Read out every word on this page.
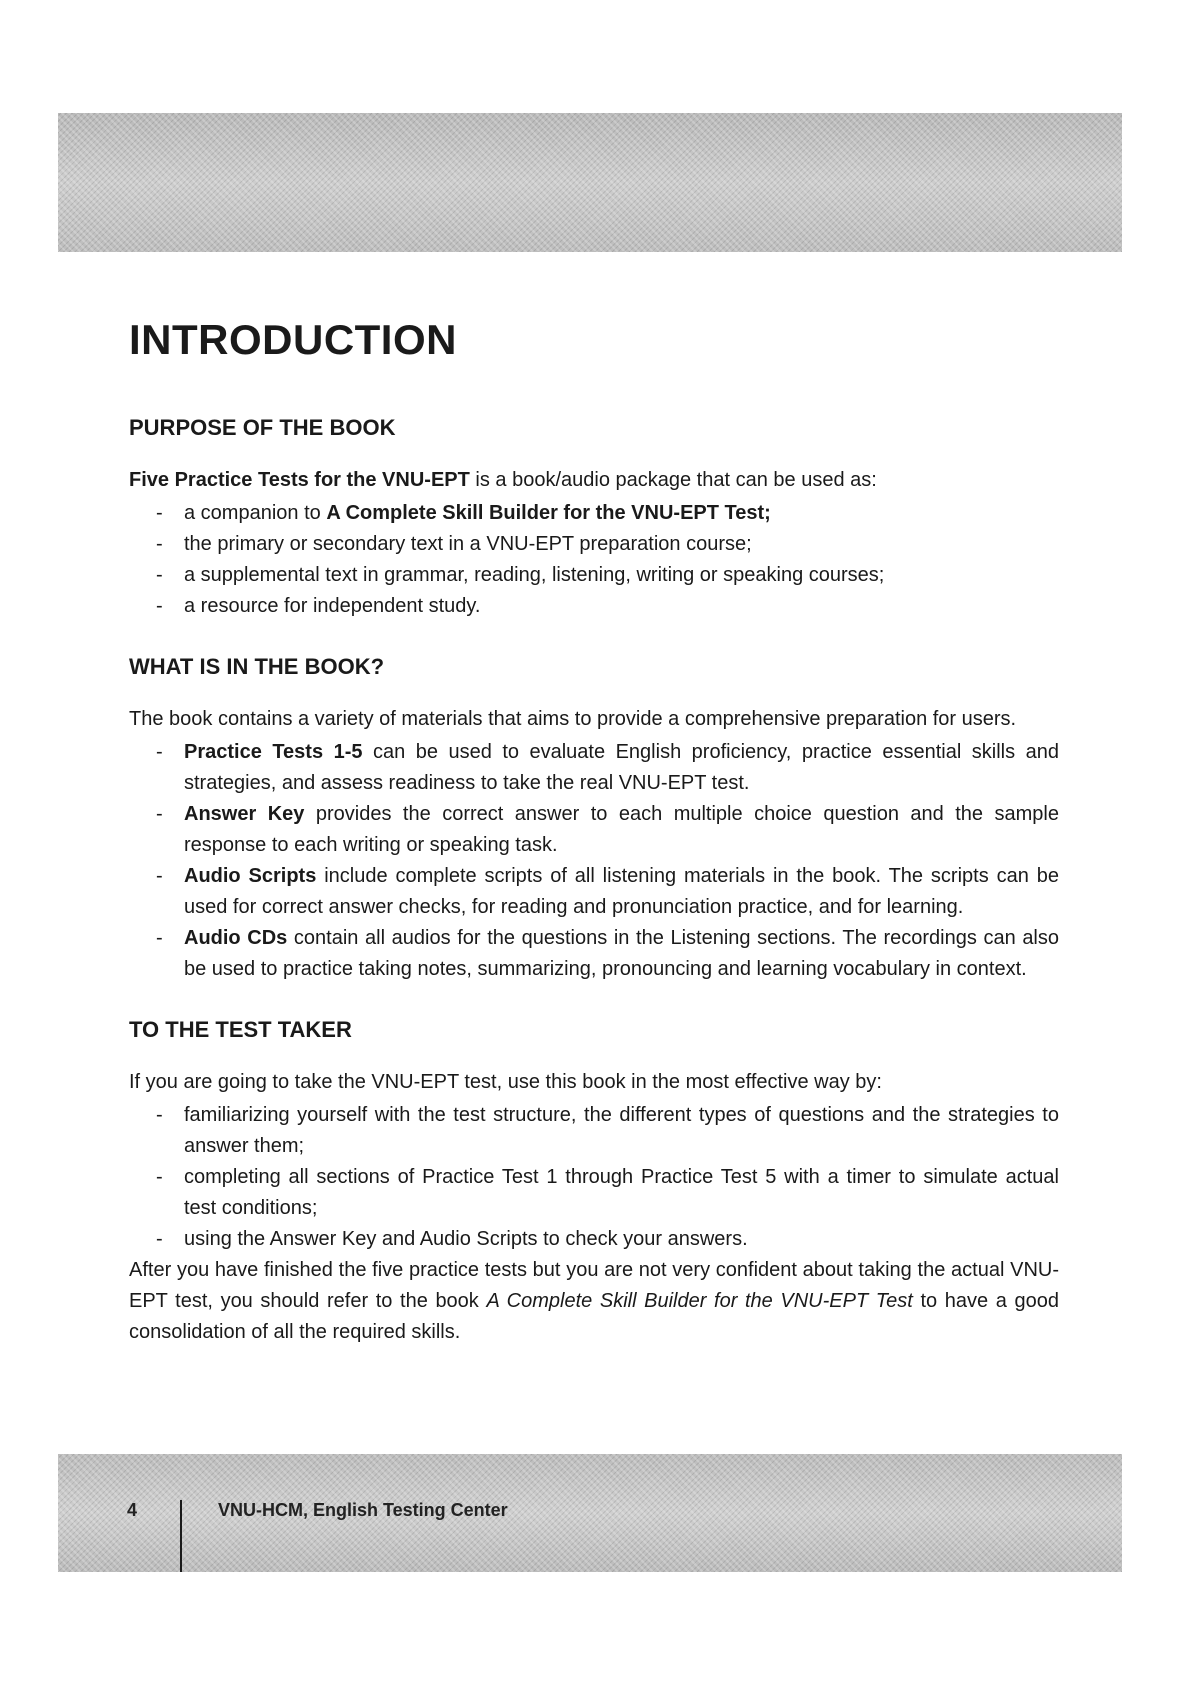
INTRODUCTION
PURPOSE OF THE BOOK

Five Practice Tests for the VNU-EPT is a book/audio package that can be used as:

- a companion to A Complete Skill Builder for the VNU-EPT Test;
- the primary or secondary text in a VNU-EPT preparation course;
- a supplemental text in grammar, reading, listening, writing or speaking courses;
- a resource for independent study.
WHAT IS IN THE BOOK?

The book contains a variety of materials that aims to provide a comprehensive preparation for users.

- Practice Tests 1-5 can be used to evaluate English proficiency, practice essential skills and strategies, and assess readiness to take the real VNU-EPT test.
- Answer Key provides the correct answer to each multiple choice question and the sample response to each writing or speaking task.
- Audio Scripts include complete scripts of all listening materials in the book. The scripts can be used for correct answer checks, for reading and pronunciation practice, and for learning.
- Audio CDs contain all audios for the questions in the Listening sections. The recordings can also be used to practice taking notes, summarizing, pronouncing and learning vocabulary in context.
TO THE TEST TAKER

If you are going to take the VNU-EPT test, use this book in the most effective way by:

- familiarizing yourself with the test structure, the different types of questions and the strategies to answer them;
- completing all sections of Practice Test 1 through Practice Test 5 with a timer to simulate actual test conditions;
- using the Answer Key and Audio Scripts to check your answers.

After you have finished the five practice tests but you are not very confident about taking the actual VNU-EPT test, you should refer to the book A Complete Skill Builder for the VNU-EPT Test to have a good consolidation of all the required skills.

4	VNU-HCM, English Testing Center
